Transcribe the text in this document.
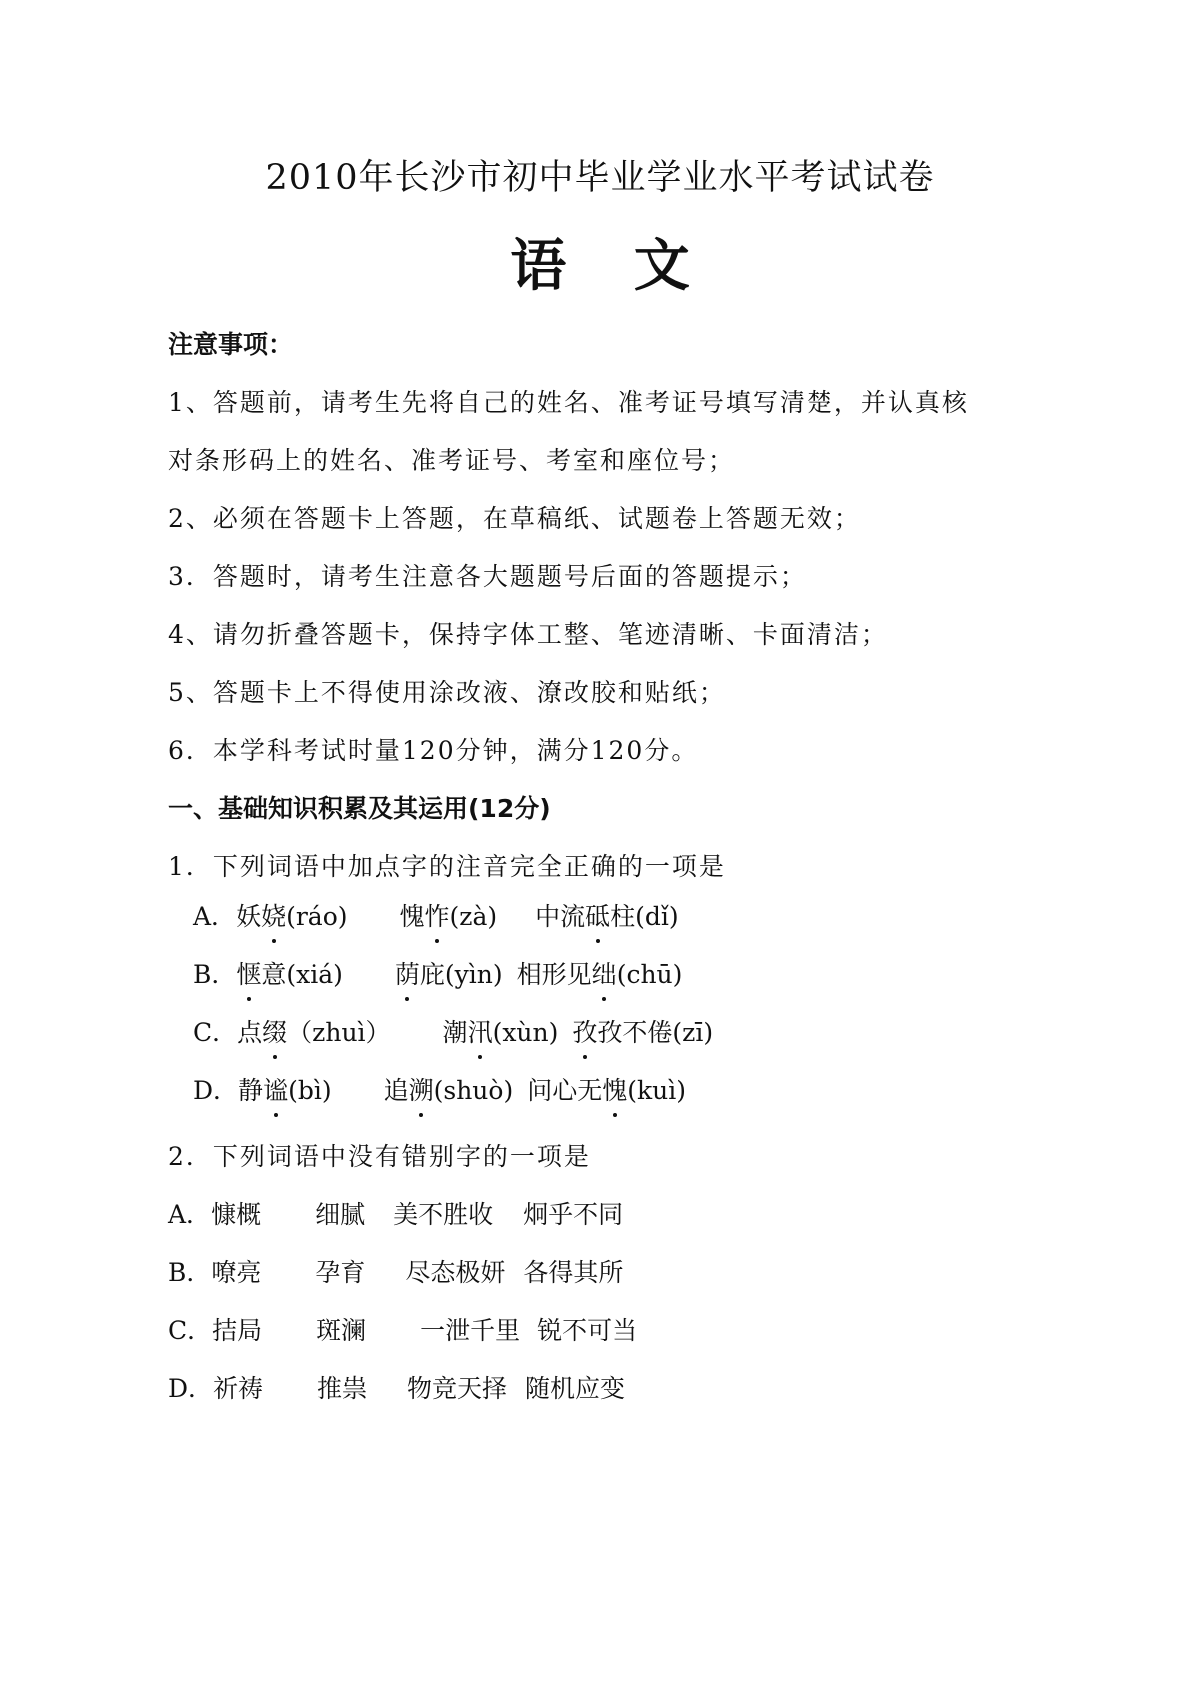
2010年长沙市初中毕业学业水平考试试卷
语 文
注意事项：
1、答题前，请考生先将自己的姓名、准考证号填写清楚，并认真核
对条形码上的姓名、准考证号、考室和座位号；
2、必须在答题卡上答题，在草稿纸、试题卷上答题无效；
3．答题时，请考生注意各大题题号后面的答题提示；
4、请勿折叠答题卡，保持字体工整、笔迹清晰、卡面清洁；
5、答题卡上不得使用涂改液、潦改胶和贴纸；
6．本学科考试时量120分钟，满分120分。
一、基础知识积累及其运用(12分)
1．下列词语中加点字的注音完全正确的一项是
A．妖娆(ráo) 愧怍(zà) 中流砥柱(dǐ)
B．惬意(xiá) 荫庇(yìn) 相形见绌(chū)
C．点缀（zhuì） 潮汛(xùn) 孜孜不倦(zī)
D．静谧(bì) 追溯(shuò) 问心无愧(kuì)
2．下列词语中没有错别字的一项是
A．慷概 细腻 美不胜收 炯乎不同
B．嘹亮 孕育 尽态极妍 各得其所
C．拮局 斑澜 一泄千里 锐不可当
D．祈祷 推祟 物竞天择 随机应变
